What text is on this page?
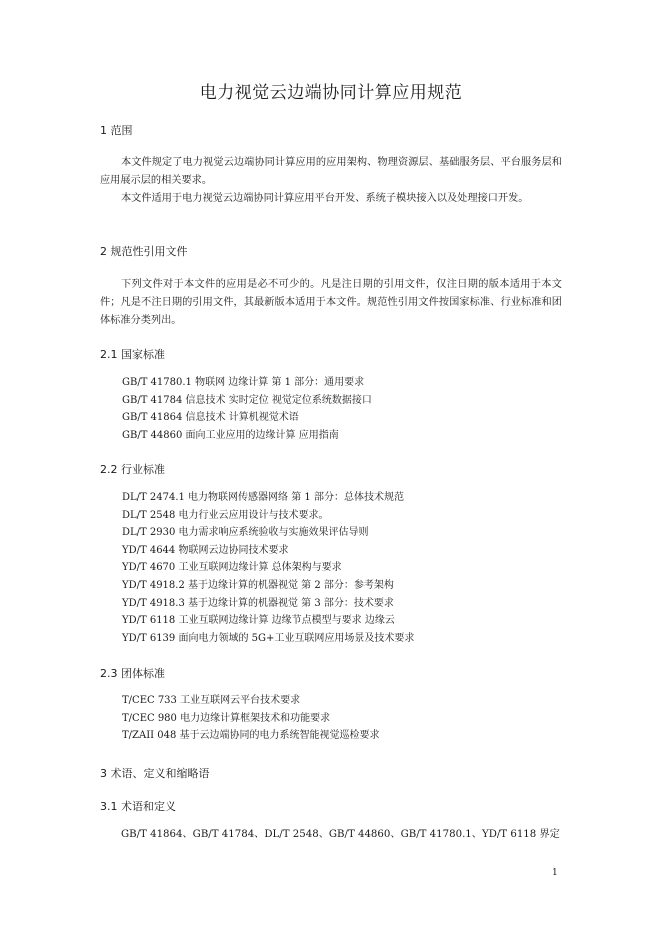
电力视觉云边端协同计算应用规范
1 范围
本文件规定了电力视觉云边端协同计算应用的应用架构、物理资源层、基础服务层、平台服务层和应用展示层的相关要求。
本文件适用于电力视觉云边端协同计算应用平台开发、系统子模块接入以及处理接口开发。
2 规范性引用文件
下列文件对于本文件的应用是必不可少的。凡是注日期的引用文件，仅注日期的版本适用于本文件；凡是不注日期的引用文件，其最新版本适用于本文件。规范性引用文件按国家标准、行业标准和团体标准分类列出。
2.1 国家标准
GB/T 41780.1 物联网 边缘计算 第 1 部分：通用要求
GB/T 41784 信息技术 实时定位 视觉定位系统数据接口
GB/T 41864 信息技术 计算机视觉术语
GB/T 44860 面向工业应用的边缘计算 应用指南
2.2 行业标准
DL/T 2474.1 电力物联网传感器网络 第 1 部分：总体技术规范
DL/T 2548 电力行业云应用设计与技术要求。
DL/T 2930 电力需求响应系统验收与实施效果评估导则
YD/T 4644 物联网云边协同技术要求
YD/T 4670 工业互联网边缘计算 总体架构与要求
YD/T 4918.2 基于边缘计算的机器视觉 第 2 部分：参考架构
YD/T 4918.3 基于边缘计算的机器视觉 第 3 部分：技术要求
YD/T 6118 工业互联网边缘计算 边缘节点模型与要求 边缘云
YD/T 6139 面向电力领域的 5G+工业互联网应用场景及技术要求
2.3 团体标准
T/CEC 733 工业互联网云平台技术要求
T/CEC 980 电力边缘计算框架技术和功能要求
T/ZAII 048 基于云边端协同的电力系统智能视觉巡检要求
3 术语、定义和缩略语
3.1 术语和定义
GB/T 41864、GB/T 41784、DL/T 2548、GB/T 44860、GB/T 41780.1、YD/T 6118 界定
1
